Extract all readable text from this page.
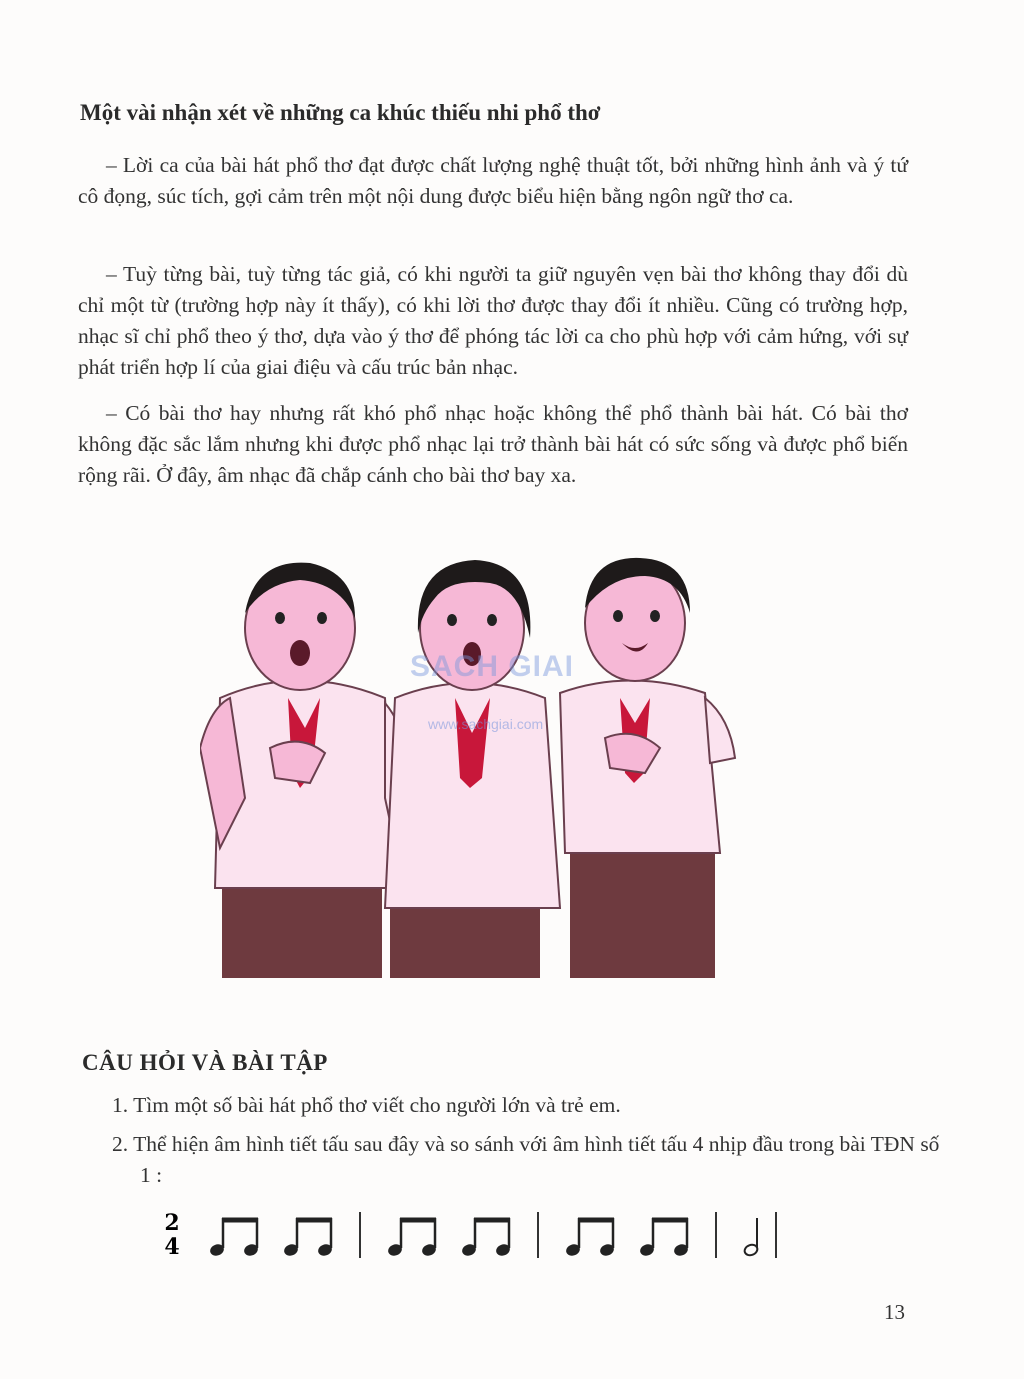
Một vài nhận xét về những ca khúc thiếu nhi phổ thơ

– Lời ca của bài hát phổ thơ đạt được chất lượng nghệ thuật tốt, bởi những hình ảnh và ý tứ cô đọng, súc tích, gợi cảm trên một nội dung được biểu hiện bằng ngôn ngữ thơ ca.

– Tuỳ từng bài, tuỳ từng tác giả, có khi người ta giữ nguyên vẹn bài thơ không thay đổi dù chỉ một từ (trường hợp này ít thấy), có khi lời thơ được thay đổi ít nhiều. Cũng có trường hợp, nhạc sĩ chỉ phổ theo ý thơ, dựa vào ý thơ để phóng tác lời ca cho phù hợp với cảm hứng, với sự phát triển hợp lí của giai điệu và cấu trúc bản nhạc.

– Có bài thơ hay nhưng rất khó phổ nhạc hoặc không thể phổ thành bài hát. Có bài thơ không đặc sắc lắm nhưng khi được phổ nhạc lại trở thành bài hát có sức sống và được phổ biến rộng rãi. Ở đây, âm nhạc đã chắp cánh cho bài thơ bay xa.

SACH GIAI
www.sachgiai.com
CÂU HỎI VÀ BÀI TẬP
1. Tìm một số bài hát phổ thơ viết cho người lớn và trẻ em.
2. Thể hiện âm hình tiết tấu sau đây và so sánh với âm hình tiết tấu 4 nhịp đầu trong bài TĐN số 1 :
2
4
13
